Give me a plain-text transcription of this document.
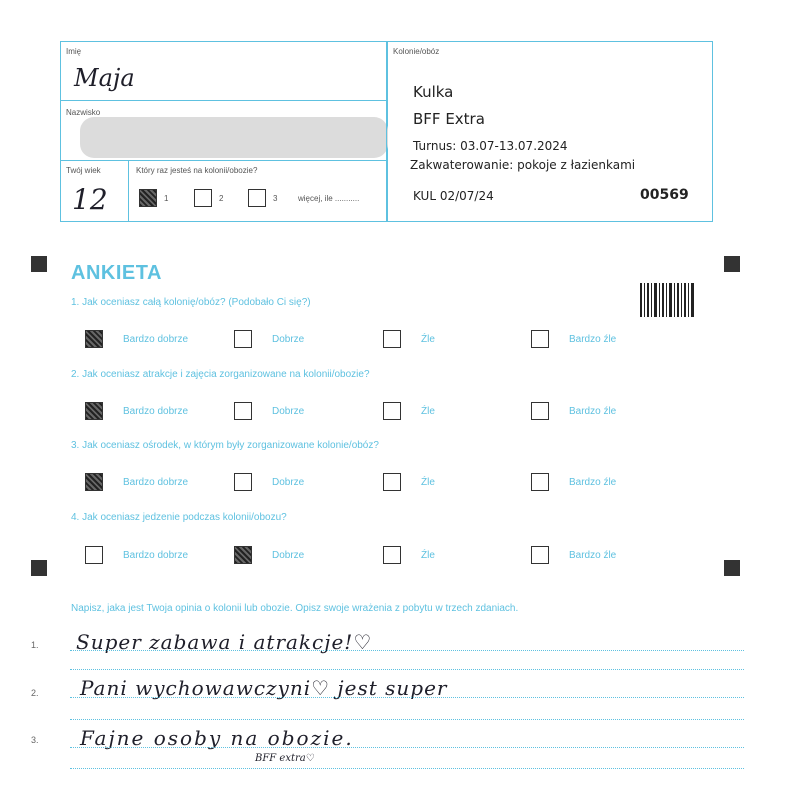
Imię
Maja
Nazwisko
Twój wiek
12
Który raz jesteś na kolonii/obozie?
1	2	3	więcej, ile ...........
Kolonie/obóz
Kulka
BFF Extra
Turnus: 03.07-13.07.2024
Zakwaterowanie: pokoje z łazienkami
KUL 02/07/24	00569
ANKIETA
1. Jak oceniasz całą kolonię/obóz? (Podobało Ci się?)
Bardzo dobrze	Dobrze	Źle	Bardzo źle
2. Jak oceniasz atrakcje i zajęcia zorganizowane na kolonii/obozie?
Bardzo dobrze	Dobrze	Źle	Bardzo źle
3. Jak oceniasz ośrodek, w którym były zorganizowane kolonie/obóz?
Bardzo dobrze	Dobrze	Źle	Bardzo źle
4. Jak oceniasz jedzenie podczas kolonii/obozu?
Bardzo dobrze	Dobrze	Źle	Bardzo źle
Napisz, jaka jest Twoja opinia o kolonii lub obozie. Opisz swoje wrażenia z pobytu w trzech zdaniach.
1. Super zabawa i atrakcje!♡
2. Pani wychowawczyni♡ jest super
3. Fajne osoby na obozie.
BFF extra♡
